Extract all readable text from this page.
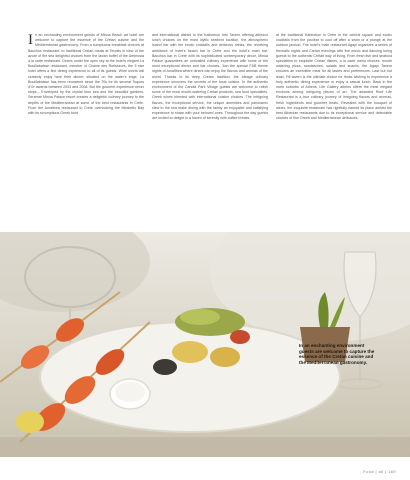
I n an enchanting environment guests of Minoa Beach art hotel are welcome to capture the essence of the Cretan cuisine and the Mediterranean gastronomy. From a sumptuous breakfast choices at Bacchus restaurant, to traditional Cretan meals at Terpsis in view of the azure of the sea delightful choices from the lavish buffet of the Ambrosia a la carte restaurant. Diners under the open sky at the hotel's elegant La Bouillabaisse restaurant, member of Chaine des Rotisseurs, the 5 star hotel offers a fine dining experience to all of its guests. Wine lovers will certainly enjoy here their dinner, situated on the water's edge. La Bouillabaisse has been renowned since the 70s for its several Toques d'Or awards between 2003 and 2008. But the gourmet experience never stops... Enveloped by the crystal blue sea and the beautiful gardens, Seramar Minoa Palace resort creates a delightful culinary journey to the depths of the Mediterranean at some of the best restaurants in Crete. From the Amalthea restaurant in Crete overlooking the Mirabello Bay with its scrumptious Greek food

and international dishes to the Kalimeron Intu Tavern offering alfresco lunch choices on the most idyllic seafront location, the atmospheric Island bar with the exotic cocktails and delicious drinks, the revolving ambiance of hotel's beach bar in Crete and the hotel's main bar, Bacchus bar in Crete with its sophisticated contemporary decor, Minoa Palace guarantees an unrivalled culinary experience with some of the most exceptional dinner and bar choices. Join the special F&B theme nights of Amalthea where diners can enjoy the flavors and aromas of the world. Thanks to its deep Cretan tradition, the Ideage culinary experience uncovers the secrets of the local cuisine. In the authentic environment of the Candia Park Village guests are welcome to relish some of the most mouth-watering Cretan products, sea food specialties, Greek wines blended with international cuisine choices. The intriguing flavors, the exceptional service, the unique amenities and panoramic view to the sea make dining with the family an enjoyable and satisfying experience to share with your beloved ones. Throughout the day guests are invited to delight in a haven of serenity with coffee breaks,

at the traditional Kafeneion in Crete in the central square and exotic cocktails from the poolbar to cool off after a swim or a plunge at the outdoor jacuzzi. The hotel's main restaurant Agapi organizes a series of thematic nights and Cretan evenings with live music and dancing luring guests to the authentic Cretan way of living. From fresh fish and seafood specialties to exquisite Cretan dishes, a la carte menu choices, mouth watering pizza, sandwiches, salads and snacks, the Agapi Tavern ensures an incredible meal for all tastes and preferences. Last but not least, Fili tavern is the ultimate choice for those wishing to experience a truly authentic dining experience or enjoy a casual lunch. Back in the north suburbs of Athens, Life Gallery athens offers the most elegant environs among intriguing pieces of art. The awarded Roof Life Restaurant is a true culinary journey of intriguing flavors and aromas, fresh ingredients and gourmet treats. Revealed with the bouquet of wines, the exquisite restaurant has rightfully earned its place amidst the best Athenian restaurants due to its exceptional service and delectable choices of fine Greek and Mediterranean delicacies.

In an enchanting environment guests are welcome to capture the essence of the Cretan cuisine and the Mediterranean gastronomy.
Food | all | 169
